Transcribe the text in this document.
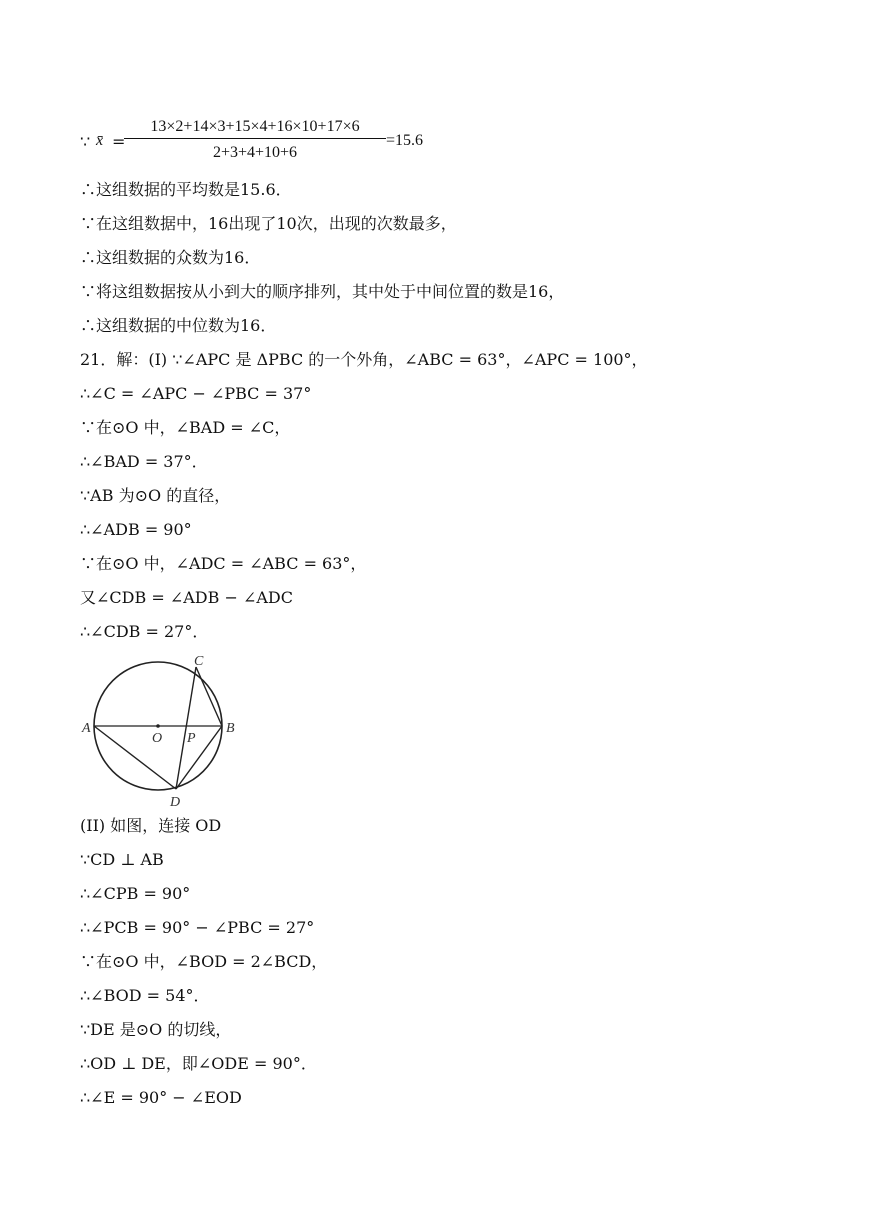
∵ x̄ =
13×2+14×3+15×4+16×10+17×6
2+3+4+10+6
=15.6
∴这组数据的平均数是15.6．
∵在这组数据中，16出现了10次，出现的次数最多，
∴这组数据的众数为16．
∵将这组数据按从小到大的顺序排列，其中处于中间位置的数是16，
∴这组数据的中位数为16．
21．解：(I) ∵∠APC 是 ΔPBC 的一个外角，∠ABC = 63°，∠APC = 100°，
∴∠C = ∠APC − ∠PBC = 37°
∵在⊙O 中，∠BAD = ∠C，
∴∠BAD = 37°．
∵AB 为⊙O 的直径，
∴∠ADB = 90°
∵在⊙O 中，∠ADC = ∠ABC = 63°，
又∠CDB = ∠ADB − ∠ADC
∴∠CDB = 27°．
A	B
C
D
O P
(II) 如图，连接 OD
∵CD ⊥ AB
∴∠CPB = 90°
∴∠PCB = 90° − ∠PBC = 27°
∵在⊙O 中，∠BOD = 2∠BCD，
∴∠BOD = 54°．
∵DE 是⊙O 的切线，
∴OD ⊥ DE，即∠ODE = 90°．
∴∠E = 90° − ∠EOD
